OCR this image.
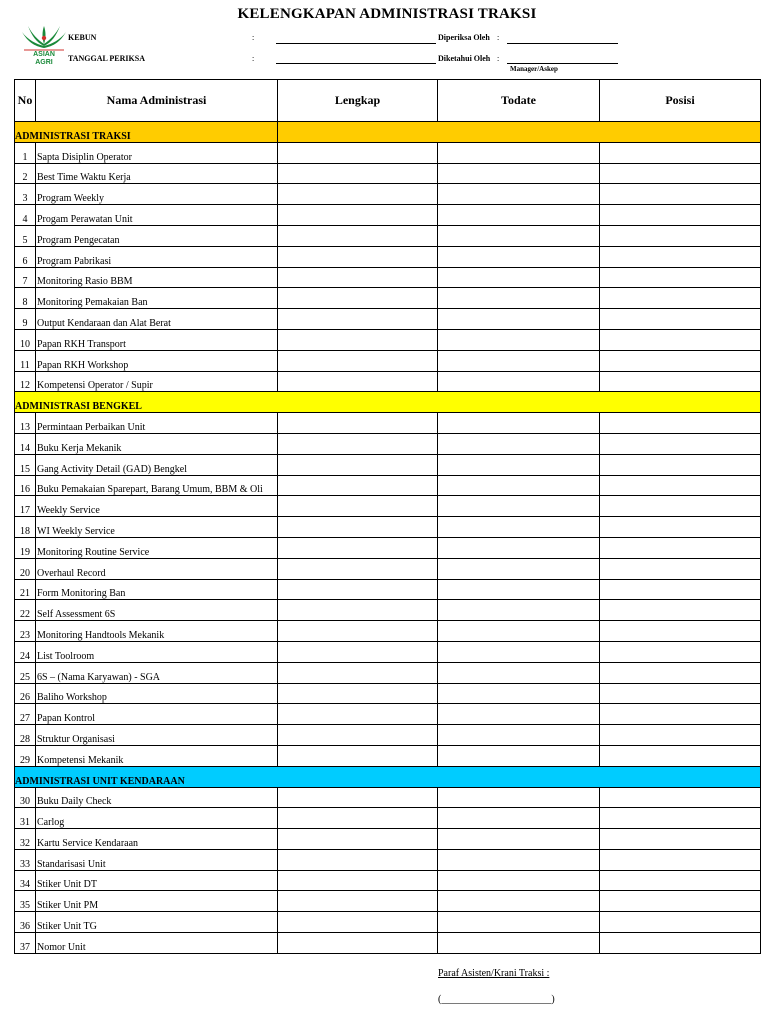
KELENGKAPAN ADMINISTRASI TRAKSI
ASIAN
AGRI
KEBUN	:
TANGGAL PERIKSA	:
Diperiksa Oleh :
Diketahui Oleh :
Manager/Askep
No	Nama Administrasi	Lengkap	Todate	Posisi
ADMINISTRASI TRAKSI				
1	Sapta Disiplin Operator			
2	Best Time Waktu Kerja			
3	Program Weekly			
4	Progam Perawatan Unit			
5	Program Pengecatan			
6	Program Pabrikasi			
7	Monitoring Rasio BBM			
8	Monitoring Pemakaian Ban			
9	Output Kendaraan dan Alat Berat			
10	Papan RKH Transport			
11	Papan RKH Workshop			
12	Kompetensi Operator / Supir			
ADMINISTRASI BENGKEL				
13	Permintaan Perbaikan Unit			
14	Buku Kerja Mekanik			
15	Gang Activity Detail (GAD) Bengkel			
16	Buku Pemakaian Sparepart, Barang Umum, BBM & Oli			
17	Weekly Service			
18	WI Weekly Service			
19	Monitoring Routine Service			
20	Overhaul Record			
21	Form Monitoring Ban			
22	Self Assessment 6S			
23	Monitoring Handtools Mekanik			
24	List Toolroom			
25	6S – (Nama Karyawan) - SGA			
26	Baliho Workshop			
27	Papan Kontrol			
28	Struktur Organisasi			
29	Kompetensi Mekanik			
ADMINISTRASI UNIT KENDARAAN				
30	Buku Daily Check			
31	Carlog			
32	Kartu Service Kendaraan			
33	Standarisasi Unit			
34	Stiker Unit DT			
35	Stiker Unit PM			
36	Stiker Unit TG			
37	Nomor Unit			
Paraf Asisten/Krani Traksi :
(______________________)
